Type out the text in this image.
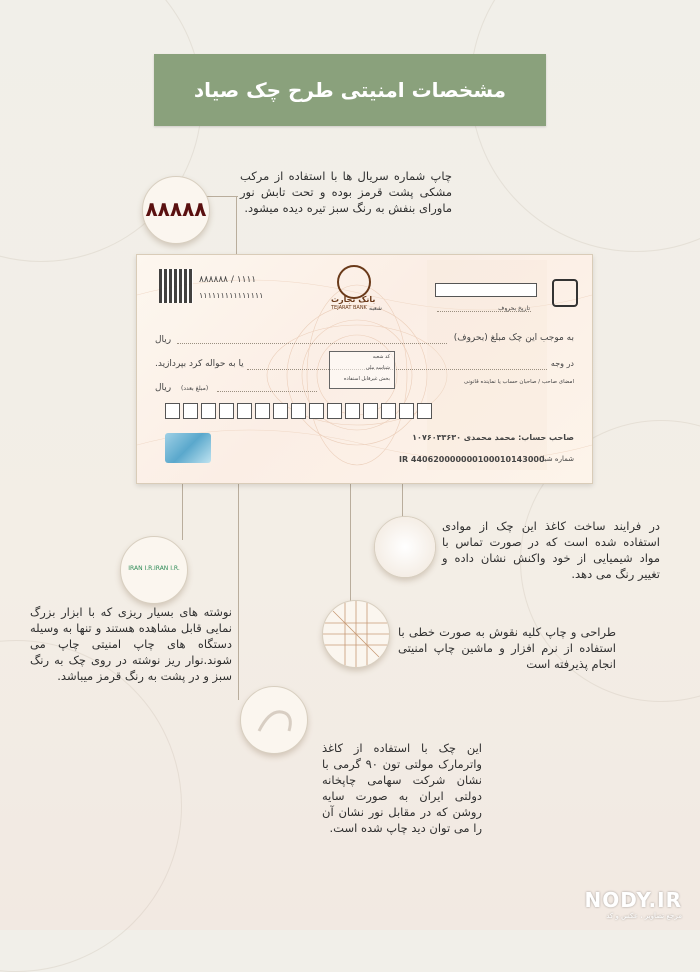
مشخصات امنیتی طرح چک صیاد
۸۸۸۸۸
چاپ شماره سریال ها با استفاده از مرکب مشکی پشت قرمز بوده و تحت تابش نور ماورای بنفش به رنگ سبز تیره دیده میشود.
۱۱۱۱ / ۸۸۸۸۸۸
۱۱۱۱۱۱۱۱۱۱۱۱۱۱۱	بانک تجارت
TEJARAT BANK شعبه	تاریخ بحروف
به موجب این چک مبلغ (بحروف)
ریال
در وجه
یا به حواله کرد بپردازید.
کد شعبه
شناسه ملی
بخش غیرقابل استفاده	امضای صاحب / صاحبان حساب یا نماینده قانونی
ریال (مبلغ بعدد)
صاحب حساب: محمد محمدی ۱۰۷۶۰۳۳۶۳۰
شماره شبا
IR 440620000000100010143000
IRAN I.R.IRAN I.R.
نوشته های بسیار ریزی که با ابزار بزرگ نمایی قابل مشاهده هستند و تنها به وسیله دستگاه های چاپ امنیتی چاپ می شوند.نوار ریز نوشته در روی چک به رنگ سبز و در پشت به رنگ قرمز میباشد.
در فرایند ساخت کاغذ این چک از موادی استفاده شده است که در صورت تماس با مواد شیمیایی از خود واکنش نشان داده و تغییر رنگ می دهد.
طراحی و چاپ کلیه نقوش به صورت خطی با استفاده از نرم افزار و ماشین چاپ امنیتی انجام پذیرفته است
این چک با استفاده از کاغذ واترمارک مولتی تون ۹۰ گرمی با نشان شرکت سهامی چاپخانه دولتی ایران به صورت سایه روشن که در مقابل نور نشان آن را می توان دید چاپ شده است.
NODY.IR
مرجع تصاویر ، عکس و کد
